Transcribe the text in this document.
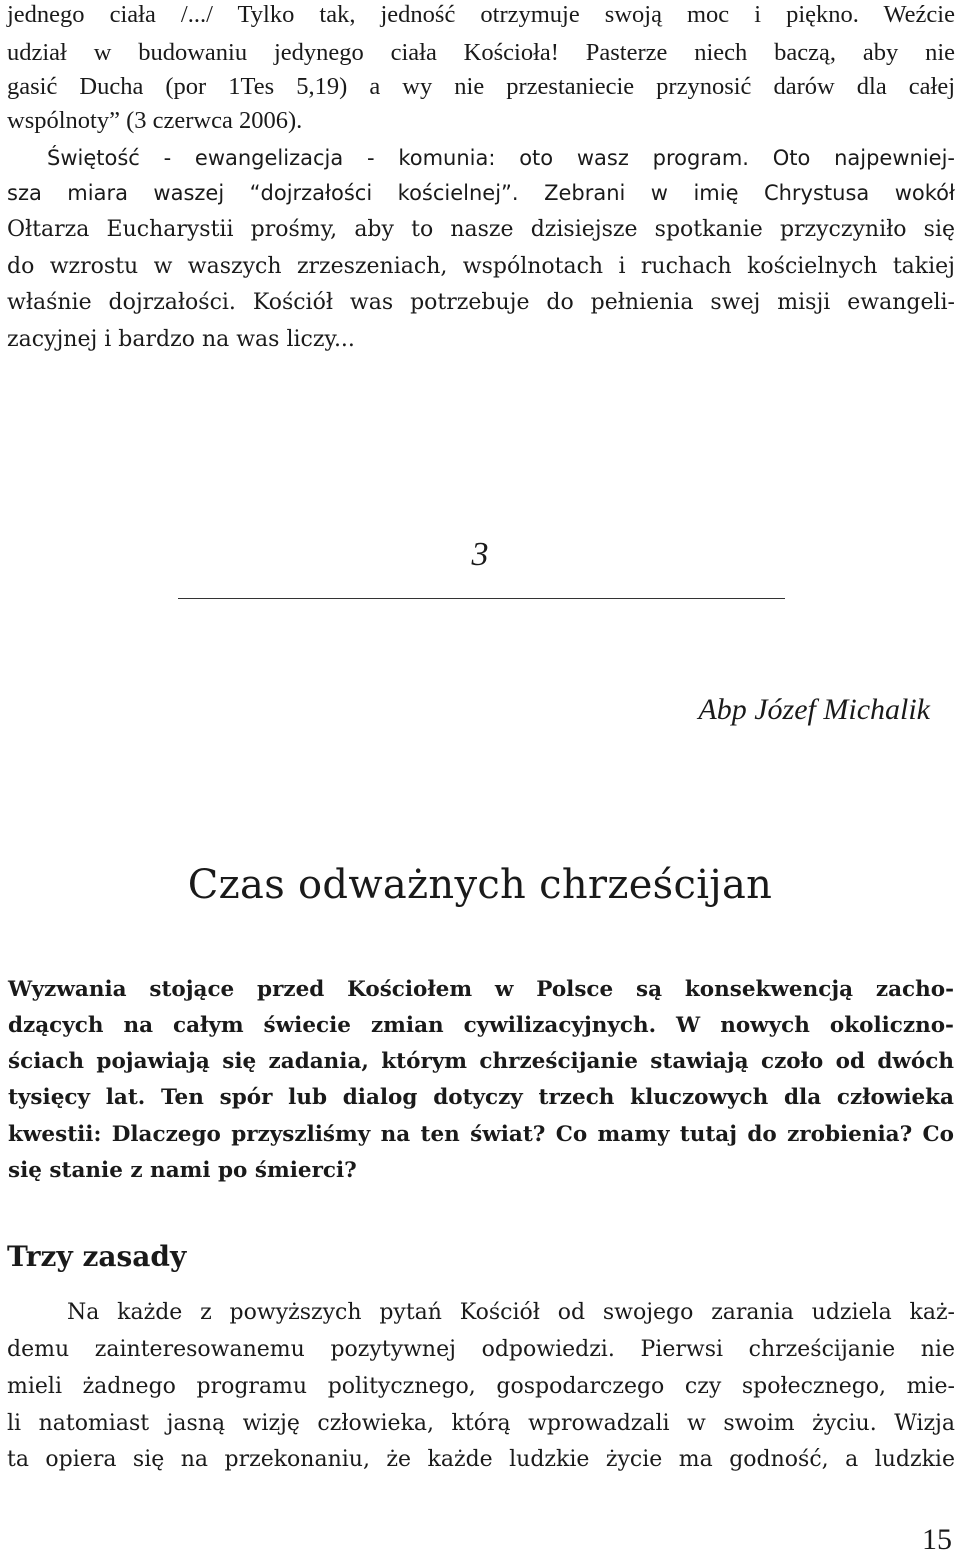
jednego ciała /.../ Tylko tak, jedność otrzymuje swoją moc i piękno. Weźcie
udział w budowaniu jedynego ciała Kościoła! Pasterze niech baczą, aby nie
gasić Ducha (por 1Tes 5,19) a wy nie przestaniecie przynosić darów dla całej
wspólnoty” (3 czerwca 2006).
Świętość - ewangelizacja - komunia: oto wasz program. Oto najpewniej-
sza miara waszej “dojrzałości kościelnej”. Zebrani w imię Chrystusa wokół
Ołtarza Eucharystii prośmy, aby to nasze dzisiejsze spotkanie przyczyniło się
do wzrostu w waszych zrzeszeniach, wspólnotach i ruchach kościelnych takiej
właśnie dojrzałości. Kościół was potrzebuje do pełnienia swej misji ewangeli-
zacyjnej i bardzo na was liczy...
3
Abp Józef Michalik
Czas odważnych chrześcijan
Wyzwania stojące przed Kościołem w Polsce są konsekwencją zacho-
dzących na całym świecie zmian cywilizacyjnych. W nowych okoliczno-
ściach pojawiają się zadania, którym chrześcijanie stawiają czoło od dwóch
tysięcy lat. Ten spór lub dialog dotyczy trzech kluczowych dla człowieka
kwestii: Dlaczego przyszliśmy na ten świat? Co mamy tutaj do zrobienia? Co
się stanie z nami po śmierci?
Trzy zasady
Na każde z powyższych pytań Kościół od swojego zarania udziela każ-
demu zainteresowanemu pozytywnej odpowiedzi. Pierwsi chrześcijanie nie
mieli żadnego programu politycznego, gospodarczego czy społecznego, mie-
li natomiast jasną wizję człowieka, którą wprowadzali w swoim życiu. Wizja
ta opiera się na przekonaniu, że każde ludzkie życie ma godność, a ludzkie
15
